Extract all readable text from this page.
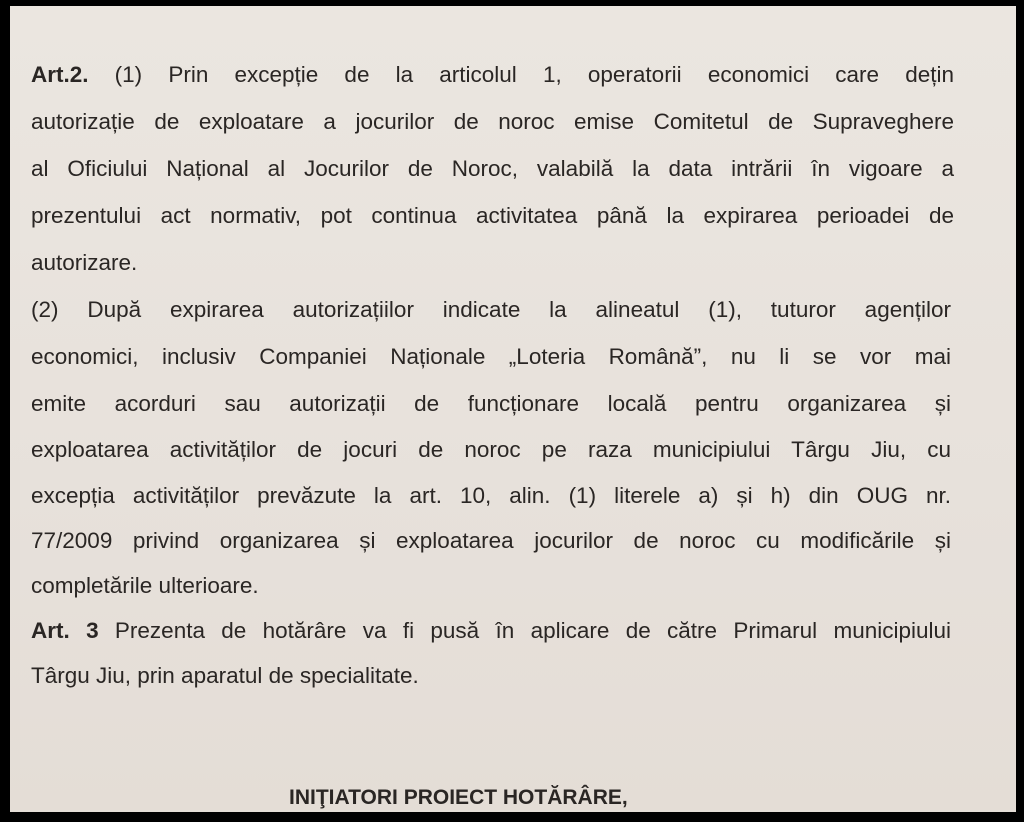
Art.2. (1) Prin excepție de la articolul 1, operatorii economici care dețin
autorizație de exploatare a jocurilor de noroc emise Comitetul de Supraveghere
al Oficiului Național al Jocurilor de Noroc, valabilă la data intrării în vigoare a
prezentului act normativ, pot continua activitatea până la expirarea perioadei de
autorizare.
(2) După expirarea autorizațiilor indicate la alineatul (1), tuturor agenților
economici, inclusiv Companiei Naționale „Loteria Română”, nu li se vor mai
emite acorduri sau autorizații de funcționare locală pentru organizarea și
exploatarea activităților de jocuri de noroc pe raza municipiului Târgu Jiu, cu
excepția activităților prevăzute la art. 10, alin. (1) literele a) și h) din OUG nr.
77/2009 privind organizarea și exploatarea jocurilor de noroc cu modificările și
completările ulterioare.
Art. 3 Prezenta de hotărâre va fi pusă în aplicare de către Primarul municipiului
Târgu Jiu, prin aparatul de specialitate.
INIŢIATORI PROIECT HOTĂRÂRE,
